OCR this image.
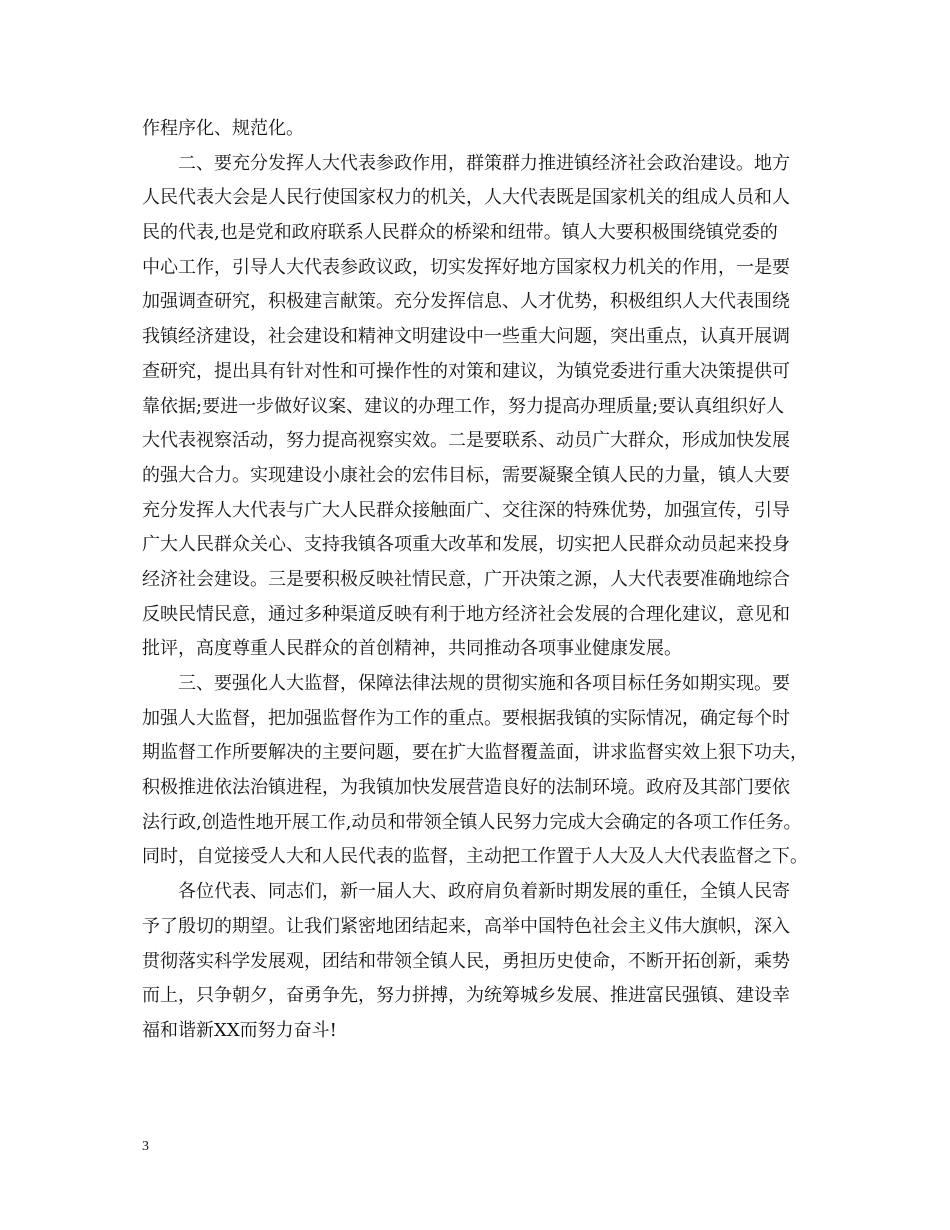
作程序化、规范化。
二、要充分发挥人大代表参政作用，群策群力推进镇经济社会政治建设。地方
人民代表大会是人民行使国家权力的机关，人大代表既是国家机关的组成人员和人
民的代表,也是党和政府联系人民群众的桥梁和纽带。镇人大要积极围绕镇党委的
中心工作，引导人大代表参政议政，切实发挥好地方国家权力机关的作用，一是要
加强调查研究，积极建言献策。充分发挥信息、人才优势，积极组织人大代表围绕
我镇经济建设，社会建设和精神文明建设中一些重大问题，突出重点，认真开展调
查研究，提出具有针对性和可操作性的对策和建议，为镇党委进行重大决策提供可
靠依据;要进一步做好议案、建议的办理工作，努力提高办理质量;要认真组织好人
大代表视察活动，努力提高视察实效。二是要联系、动员广大群众，形成加快发展
的强大合力。实现建设小康社会的宏伟目标，需要凝聚全镇人民的力量，镇人大要
充分发挥人大代表与广大人民群众接触面广、交往深的特殊优势，加强宣传，引导
广大人民群众关心、支持我镇各项重大改革和发展，切实把人民群众动员起来投身
经济社会建设。三是要积极反映社情民意，广开决策之源，人大代表要准确地综合
反映民情民意，通过多种渠道反映有利于地方经济社会发展的合理化建议，意见和
批评，高度尊重人民群众的首创精神，共同推动各项事业健康发展。
三、要强化人大监督，保障法律法规的贯彻实施和各项目标任务如期实现。要
加强人大监督，把加强监督作为工作的重点。要根据我镇的实际情况，确定每个时
期监督工作所要解决的主要问题，要在扩大监督覆盖面，讲求监督实效上狠下功夫，
积极推进依法治镇进程，为我镇加快发展营造良好的法制环境。政府及其部门要依
法行政,创造性地开展工作,动员和带领全镇人民努力完成大会确定的各项工作任务。
同时，自觉接受人大和人民代表的监督，主动把工作置于人大及人大代表监督之下。
各位代表、同志们，新一届人大、政府肩负着新时期发展的重任，全镇人民寄
予了殷切的期望。让我们紧密地团结起来，高举中国特色社会主义伟大旗帜，深入
贯彻落实科学发展观，团结和带领全镇人民，勇担历史使命，不断开拓创新，乘势
而上，只争朝夕，奋勇争先，努力拼搏，为统筹城乡发展、推进富民强镇、建设幸
福和谐新XX而努力奋斗!
3
